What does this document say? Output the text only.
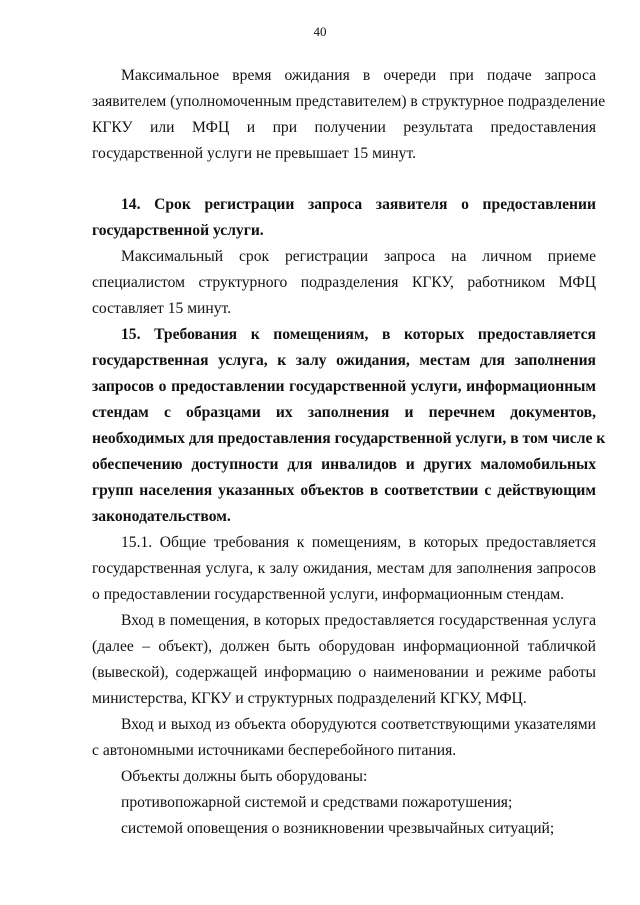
40
Максимальное время ожидания в очереди при подаче запроса
заявителем (уполномоченным представителем) в структурное подразделение
КГКУ или МФЦ и при получении результата предоставления
государственной услуги не превышает 15 минут.
14. Срок регистрации запроса заявителя о предоставлении
государственной услуги.
Максимальный срок регистрации запроса на личном приеме
специалистом структурного подразделения КГКУ, работником МФЦ
составляет 15 минут.
15. Требования к помещениям, в которых предоставляется
государственная услуга, к залу ожидания, местам для заполнения
запросов о предоставлении государственной услуги, информационным
стендам с образцами их заполнения и перечнем документов,
необходимых для предоставления государственной услуги, в том числе к
обеспечению доступности для инвалидов и других маломобильных
групп населения указанных объектов в соответствии с действующим
законодательством.
15.1. Общие требования к помещениям, в которых предоставляется
государственная услуга, к залу ожидания, местам для заполнения запросов
о предоставлении государственной услуги, информационным стендам.
Вход в помещения, в которых предоставляется государственная услуга
(далее – объект), должен быть оборудован информационной табличкой
(вывеской), содержащей информацию о наименовании и режиме работы
министерства, КГКУ и структурных подразделений КГКУ, МФЦ.
Вход и выход из объекта оборудуются соответствующими указателями
с автономными источниками бесперебойного питания.
Объекты должны быть оборудованы:
противопожарной системой и средствами пожаротушения;
системой оповещения о возникновении чрезвычайных ситуаций;
